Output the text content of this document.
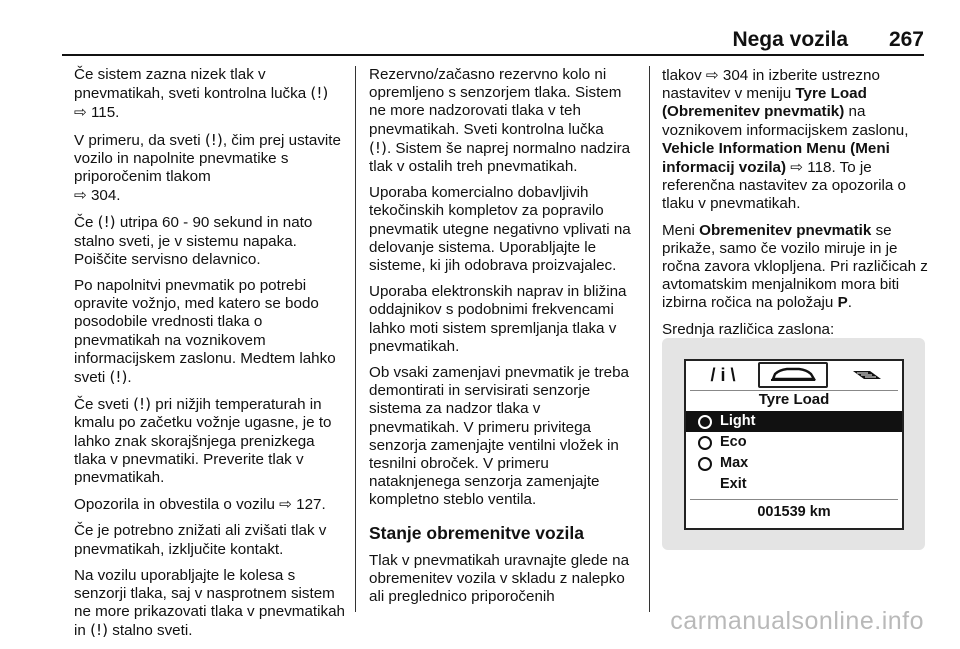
Nega vozila 267

Če sistem zazna nizek tlak v pnevmatikah, sveti kontrolna lučka (!)
⇨ 115.

V primeru, da sveti (!), čim prej ustavite vozilo in napolnite pnevmatike s priporočenim tlakom
⇨ 304.

Če (!) utripa 60 - 90 sekund in nato stalno sveti, je v sistemu napaka. Poiščite servisno delavnico.

Po napolnitvi pnevmatik po potrebi opravite vožnjo, med katero se bodo posodobile vrednosti tlaka o pnevmatikah na voznikovem informacijskem zaslonu. Medtem lahko sveti (!).

Če sveti (!) pri nižjih temperaturah in kmalu po začetku vožnje ugasne, je to lahko znak skorajšnjega prenizkega tlaka v pnevmatiki. Preverite tlak v pnevmatikah.

Opozorila in obvestila o vozilu ⇨ 127.

Če je potrebno znižati ali zvišati tlak v pnevmatikah, izključite kontakt.

Na vozilu uporabljajte le kolesa s senzorji tlaka, saj v nasprotnem sistem ne more prikazovati tlaka v pnevmatikah in (!) stalno sveti.

Rezervno/začasno rezervno kolo ni opremljeno s senzorjem tlaka. Sistem ne more nadzorovati tlaka v teh pnevmatikah. Sveti kontrolna lučka
(!). Sistem še naprej normalno nadzira tlak v ostalih treh pnevmatikah.

Uporaba komercialno dobavljivih tekočinskih kompletov za popravilo pnevmatik utegne negativno vplivati na delovanje sistema. Uporabljajte le sisteme, ki jih odobrava proizvajalec.

Uporaba elektronskih naprav in bližina oddajnikov s podobnimi frekvencami lahko moti sistem spremljanja tlaka v pnevmatikah.

Ob vsaki zamenjavi pnevmatik je treba demontirati in servisirati senzorje sistema za nadzor tlaka v pnevmatikah. V primeru privitega senzorja zamenjajte ventilni vložek in tesnilni obroček. V primeru nataknjenega senzorja zamenjajte kompletno steblo ventila.

Stanje obremenitve vozila

Tlak v pnevmatikah uravnajte glede na obremenitev vozila v skladu z nalepko ali preglednico priporočenih

tlakov ⇨ 304 in izberite ustrezno nastavitev v meniju Tyre Load (Obremenitev pnevmatik) na voznikovem informacijskem zaslonu, Vehicle Information Menu (Meni informacij vozila) ⇨ 118. To je referenčna nastavitev za opozorila o tlaku v pnevmatikah.

Meni Obremenitev pnevmatik se prikaže, samo če vozilo miruje in je ročna zavora vklopljena. Pri različicah z avtomatskim menjalnikom mora biti izbirna ročica na položaju P.

Srednja različica zaslona:

/ i \
Tyre Load
Light
Eco
Max
Exit
001539 km
carmanualsonline.info
